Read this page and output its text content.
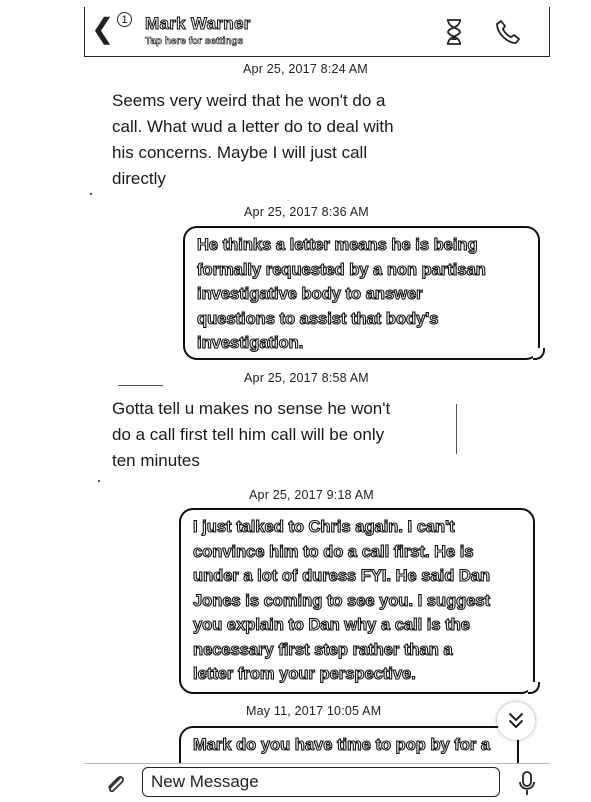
❮ 1 Mark Warner
Tap here for settings
Apr 25, 2017 8:24 AM
Seems very weird that he won't do a
call. What wud a letter do to deal with
his concerns. Maybe I will just call
directly
Apr 25, 2017 8:36 AM
He thinks a letter means he is being
formally requested by a non partisan
investigative body to answer
questions to assist that body's
investigation.
Apr 25, 2017 8:58 AM
Gotta tell u makes no sense he won't
do a call first tell him call will be only
ten minutes
Apr 25, 2017 9:18 AM
I just talked to Chris again. I can't
convince him to do a call first. He is
under a lot of duress FYI. He said Dan
Jones is coming to see you. I suggest
you explain to Dan why a call is the
necessary first step rather than a
letter from your perspective.
May 11, 2017 10:05 AM
Mark do you have time to pop by for a
New Message
